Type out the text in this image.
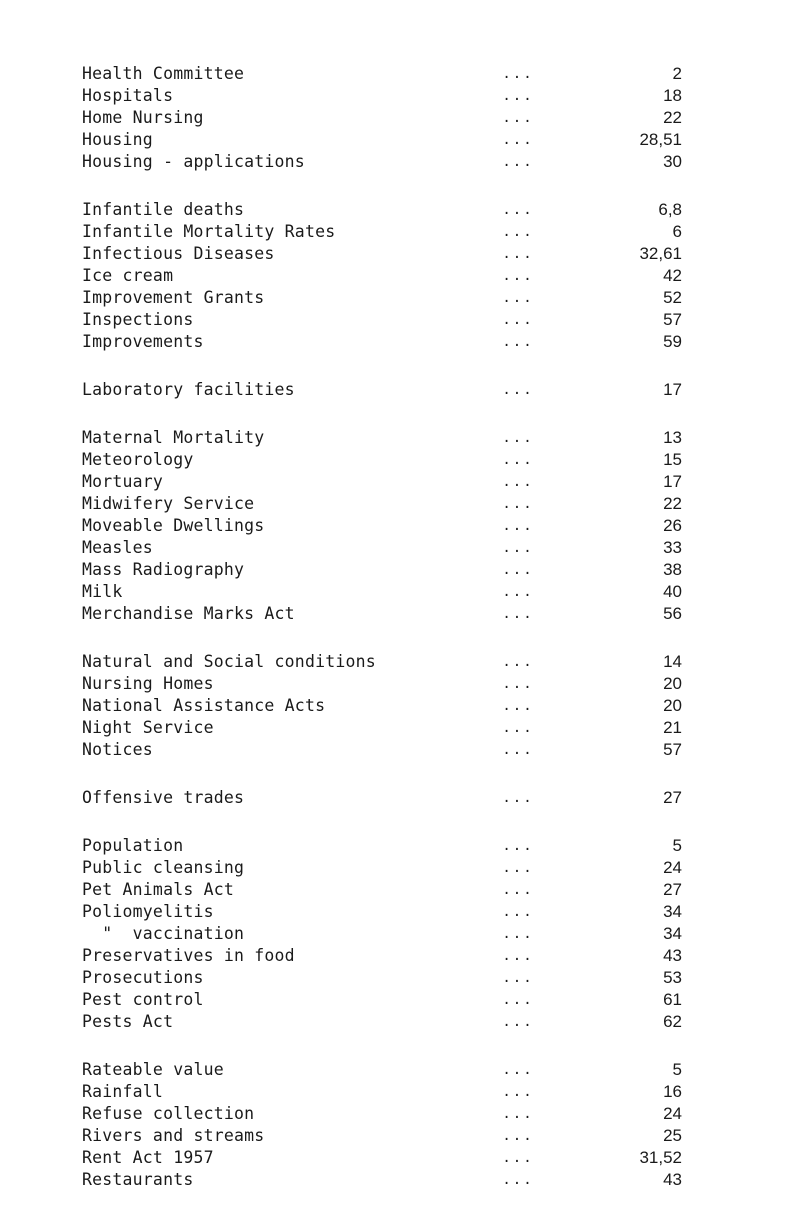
Health Committee	...	2
Hospitals	...	18
Home Nursing	...	22
Housing	...	28,51
Housing - applications	...	30
Infantile deaths	...	6,8
Infantile Mortality Rates	...	6
Infectious Diseases	...	32,61
Ice cream	...	42
Improvement Grants	...	52
Inspections	...	57
Improvements	...	59
Laboratory facilities	...	17
Maternal Mortality	...	13
Meteorology	...	15
Mortuary	...	17
Midwifery Service	...	22
Moveable Dwellings	...	26
Measles	...	33
Mass Radiography	...	38
Milk	...	40
Merchandise Marks Act	...	56
Natural and Social conditions	...	14
Nursing Homes	...	20
National Assistance Acts	...	20
Night Service	...	21
Notices	...	57
Offensive trades	...	27
Population	...	5
Public cleansing	...	24
Pet Animals Act	...	27
Poliomyelitis	...	34
"  vaccination	...	34
Preservatives in food	...	43
Prosecutions	...	53
Pest control	...	61
Pests Act	...	62
Rateable value	...	5
Rainfall	...	16
Refuse collection	...	24
Rivers and streams	...	25
Rent Act 1957	...	31,52
Restaurants	...	43
